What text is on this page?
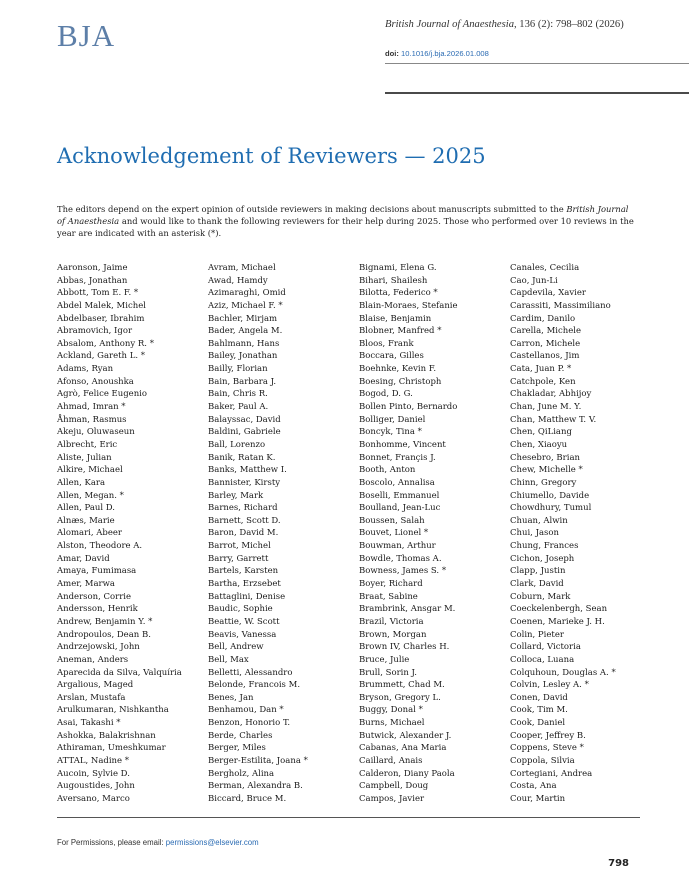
BJA	British Journal of Anaesthesia, 136 (2): 798–802 (2026)
doi: 10.1016/j.bja.2026.01.008
Acknowledgement of Reviewers — 2025

The editors depend on the expert opinion of outside reviewers in making decisions about manuscripts submitted to the British Journal of Anaesthesia and would like to thank the following reviewers for their help during 2025. Those who performed over 10 reviews in the year are indicated with an asterisk (*).

Aaronson, Jaime
Abbas, Jonathan
Abbott, Tom E. F. *
Abdel Malek, Michel
Abdelbaser, Ibrahim
Abramovich, Igor
Absalom, Anthony R. *
Ackland, Gareth L. *
Adams, Ryan
Afonso, Anoushka
Agrò, Felice Eugenio
Ahmad, Imran *
Åhman, Rasmus
Akeju, Oluwaseun
Albrecht, Eric
Aliste, Julian
Alkire, Michael
Allen, Kara
Allen, Megan. *
Allen, Paul D.
Alnæs, Marie
Alomari, Abeer
Alston, Theodore A.
Amar, David
Amaya, Fumimasa
Amer, Marwa
Anderson, Corrie
Andersson, Henrik
Andrew, Benjamin Y. *
Andropoulos, Dean B.
Andrzejowski, John
Aneman, Anders
Aparecida da Silva, Valquíria
Argalious, Maged
Arslan, Mustafa
Arulkumaran, Nishkantha
Asai, Takashi *
Ashokka, Balakrishnan
Athiraman, Umeshkumar
ATTAL, Nadine *
Aucoin, Sylvie D.
Augoustides, John
Aversano, Marco
Avram, Michael
Awad, Hamdy
Azimaraghi, Omid
Aziz, Michael F. *
Bachler, Mirjam
Bader, Angela M.
Bahlmann, Hans
Bailey, Jonathan
Bailly, Florian
Bain, Barbara J.
Bain, Chris R.
Baker, Paul A.
Balayssac, David
Baldini, Gabriele
Ball, Lorenzo
Banik, Ratan K.
Banks, Matthew I.
Bannister, Kirsty
Barley, Mark
Barnes, Richard
Barnett, Scott D.
Baron, David M.
Barrot, Michel
Barry, Garrett
Bartels, Karsten
Bartha, Erzsebet
Battaglini, Denise
Baudic, Sophie
Beattie, W. Scott
Beavis, Vanessa
Bell, Andrew
Bell, Max
Belletti, Alessandro
Belonde, Francois M.
Benes, Jan
Benhamou, Dan *
Benzon, Honorio T.
Berde, Charles
Berger, Miles
Berger-Estilita, Joana *
Bergholz, Alina
Berman, Alexandra B.
Biccard, Bruce M.
Bignami, Elena G.
Bihari, Shailesh
Bilotta, Federico *
Blain-Moraes, Stefanie
Blaise, Benjamin
Blobner, Manfred *
Bloos, Frank
Boccara, Gilles
Boehnke, Kevin F.
Boesing, Christoph
Bogod, D. G.
Bollen Pinto, Bernardo
Bolliger, Daniel
Boncyk, Tina *
Bonhomme, Vincent
Bonnet, Françis J.
Booth, Anton
Boscolo, Annalisa
Boselli, Emmanuel
Boulland, Jean-Luc
Boussen, Salah
Bouvet, Lionel *
Bouwman, Arthur
Bowdle, Thomas A.
Bowness, James S. *
Boyer, Richard
Braat, Sabine
Brambrink, Ansgar M.
Brazil, Victoria
Brown, Morgan
Brown IV, Charles H.
Bruce, Julie
Brull, Sorin J.
Brummett, Chad M.
Bryson, Gregory L.
Buggy, Donal *
Burns, Michael
Butwick, Alexander J.
Cabanas, Ana Maria
Caillard, Anais
Calderon, Diany Paola
Campbell, Doug
Campos, Javier
Canales, Cecilia
Cao, Jun-Li
Capdevila, Xavier
Carassiti, Massimiliano
Cardim, Danilo
Carella, Michele
Carron, Michele
Castellanos, Jim
Cata, Juan P. *
Catchpole, Ken
Chakladar, Abhijoy
Chan, June M. Y.
Chan, Matthew T. V.
Chen, QiLiang
Chen, Xiaoyu
Chesebro, Brian
Chew, Michelle *
Chinn, Gregory
Chiumello, Davide
Chowdhury, Tumul
Chuan, Alwin
Chui, Jason
Chung, Frances
Cichon, Joseph
Clapp, Justin
Clark, David
Coburn, Mark
Coeckelenbergh, Sean
Coenen, Marieke J. H.
Colin, Pieter
Collard, Victoria
Colloca, Luana
Colquhoun, Douglas A. *
Colvin, Lesley A. *
Conen, David
Cook, Tim M.
Cook, Daniel
Cooper, Jeffrey B.
Coppens, Steve *
Coppola, Silvia
Cortegiani, Andrea
Costa, Ana
Cour, Martin
For Permissions, please email: permissions@elsevier.com
798
